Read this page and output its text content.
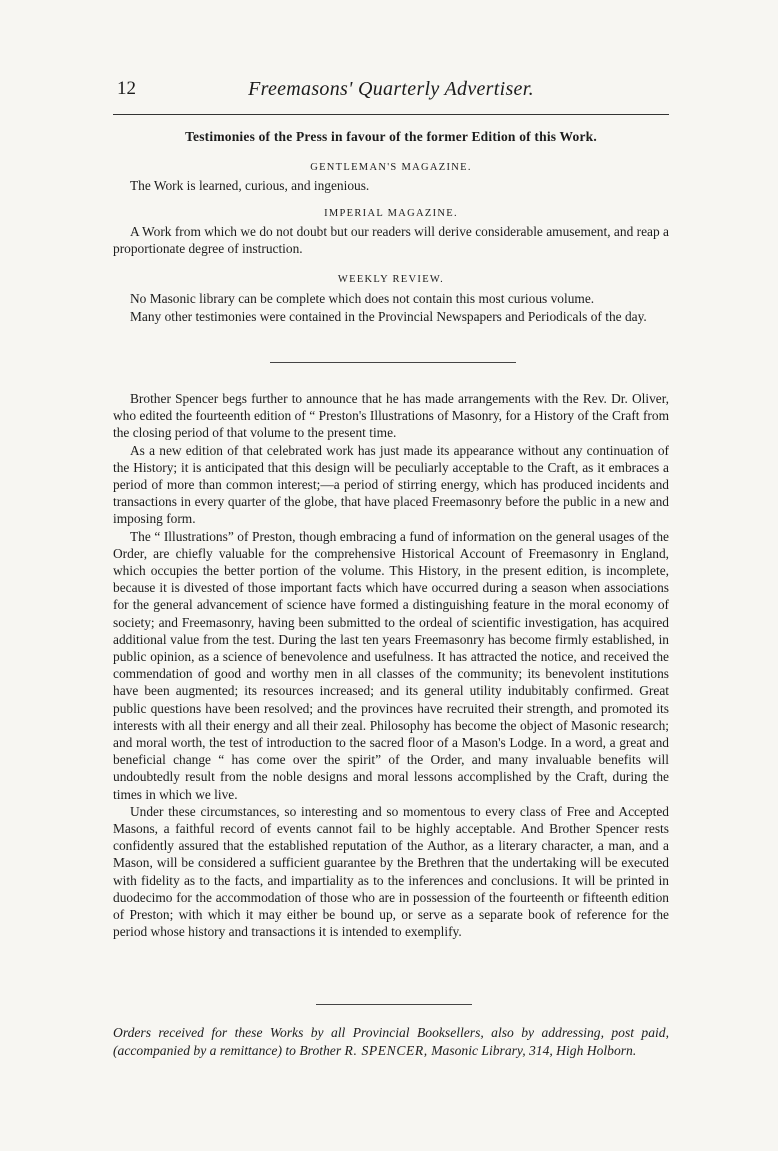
12	Freemasons' Quarterly Advertiser.
Testimonies of the Press in favour of the former Edition of this Work.
GENTLEMAN'S MAGAZINE.

The Work is learned, curious, and ingenious.

IMPERIAL MAGAZINE.

A Work from which we do not doubt but our readers will derive considerable amusement, and reap a proportionate degree of instruction.

WEEKLY REVIEW.

No Masonic library can be complete which does not contain this most curious volume.

Many other testimonies were contained in the Provincial Newspapers and Periodicals of the day.

Brother Spencer begs further to announce that he has made arrangements with the Rev. Dr. Oliver, who edited the fourteenth edition of “ Preston's Illustrations of Masonry, for a History of the Craft from the closing period of that volume to the present time.

As a new edition of that celebrated work has just made its appearance without any continuation of the History; it is anticipated that this design will be peculiarly acceptable to the Craft, as it embraces a period of more than common interest;—a period of stirring energy, which has produced incidents and transactions in every quarter of the globe, that have placed Freemasonry before the public in a new and imposing form.

The “ Illustrations” of Preston, though embracing a fund of information on the general usages of the Order, are chiefly valuable for the comprehensive Historical Account of Freemasonry in England, which occupies the better portion of the volume. This History, in the present edition, is incomplete, because it is divested of those important facts which have occurred during a season when associations for the general advancement of science have formed a distinguishing feature in the moral economy of society; and Freemasonry, having been submitted to the ordeal of scientific investigation, has acquired additional value from the test. During the last ten years Freemasonry has become firmly established, in public opinion, as a science of benevolence and usefulness. It has attracted the notice, and received the commendation of good and worthy men in all classes of the community; its benevolent institutions have been augmented; its resources increased; and its general utility indubitably confirmed. Great public questions have been resolved; and the provinces have recruited their strength, and promoted its interests with all their energy and all their zeal. Philosophy has become the object of Masonic research; and moral worth, the test of introduction to the sacred floor of a Mason's Lodge. In a word, a great and beneficial change “ has come over the spirit” of the Order, and many invaluable benefits will undoubtedly result from the noble designs and moral lessons accomplished by the Craft, during the times in which we live.

Under these circumstances, so interesting and so momentous to every class of Free and Accepted Masons, a faithful record of events cannot fail to be highly acceptable. And Brother Spencer rests confidently assured that the established reputation of the Author, as a literary character, a man, and a Mason, will be considered a sufficient guarantee by the Brethren that the undertaking will be executed with fidelity as to the facts, and impartiality as to the inferences and conclusions. It will be printed in duodecimo for the accommodation of those who are in possession of the fourteenth or fifteenth edition of Preston; with which it may either be bound up, or serve as a separate book of reference for the period whose history and transactions it is intended to exemplify.

Orders received for these Works by all Provincial Booksellers, also by addressing, post paid, (accompanied by a remittance) to Brother R. SPENCER, Masonic Library, 314, High Holborn.
